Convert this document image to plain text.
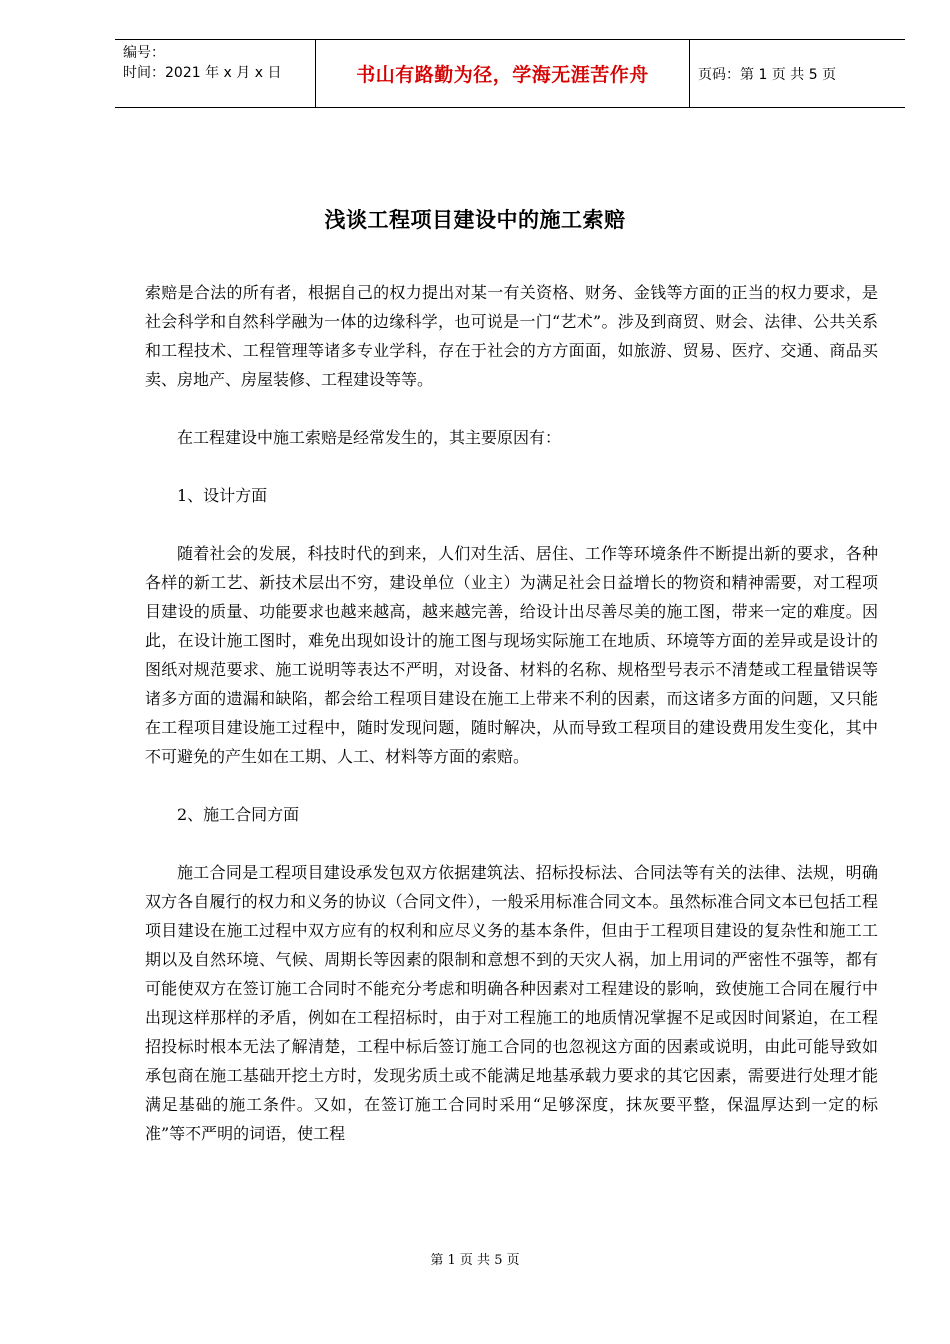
编号：
时间：2021 年 x 月 x 日	书山有路勤为径，学海无涯苦作舟	页码：第 1 页 共 5 页
浅谈工程项目建设中的施工索赔

索赔是合法的所有者，根据自己的权力提出对某一有关资格、财务、金钱等方面的正当的权力要求，是社会科学和自然科学融为一体的边缘科学，也可说是一门“艺术”。涉及到商贸、财会、法律、公共关系和工程技术、工程管理等诸多专业学科，存在于社会的方方面面，如旅游、贸易、医疗、交通、商品买卖、房地产、房屋装修、工程建设等等。

在工程建设中施工索赔是经常发生的，其主要原因有：

1、设计方面

随着社会的发展，科技时代的到来，人们对生活、居住、工作等环境条件不断提出新的要求，各种各样的新工艺、新技术层出不穷，建设单位（业主）为满足社会日益增长的物资和精神需要，对工程项目建设的质量、功能要求也越来越高，越来越完善，给设计出尽善尽美的施工图，带来一定的难度。因此，在设计施工图时，难免出现如设计的施工图与现场实际施工在地质、环境等方面的差异或是设计的图纸对规范要求、施工说明等表达不严明，对设备、材料的名称、规格型号表示不清楚或工程量错误等诸多方面的遗漏和缺陷，都会给工程项目建设在施工上带来不利的因素，而这诸多方面的问题，又只能在工程项目建设施工过程中，随时发现问题，随时解决，从而导致工程项目的建设费用发生变化，其中不可避免的产生如在工期、人工、材料等方面的索赔。

2、施工合同方面

施工合同是工程项目建设承发包双方依据建筑法、招标投标法、合同法等有关的法律、法规，明确双方各自履行的权力和义务的协议（合同文件），一般采用标准合同文本。虽然标准合同文本已包括工程项目建设在施工过程中双方应有的权利和应尽义务的基本条件，但由于工程项目建设的复杂性和施工工期以及自然环境、气候、周期长等因素的限制和意想不到的天灾人祸，加上用词的严密性不强等，都有可能使双方在签订施工合同时不能充分考虑和明确各种因素对工程建设的影响，致使施工合同在履行中出现这样那样的矛盾，例如在工程招标时，由于对工程施工的地质情况掌握不足或因时间紧迫，在工程招投标时根本无法了解清楚，工程中标后签订施工合同的也忽视这方面的因素或说明，由此可能导致如承包商在施工基础开挖土方时，发现劣质土或不能满足地基承载力要求的其它因素，需要进行处理才能满足基础的施工条件。又如，在签订施工合同时采用“足够深度，抹灰要平整，保温厚达到一定的标准”等不严明的词语，使工程

第 1 页 共 5 页
